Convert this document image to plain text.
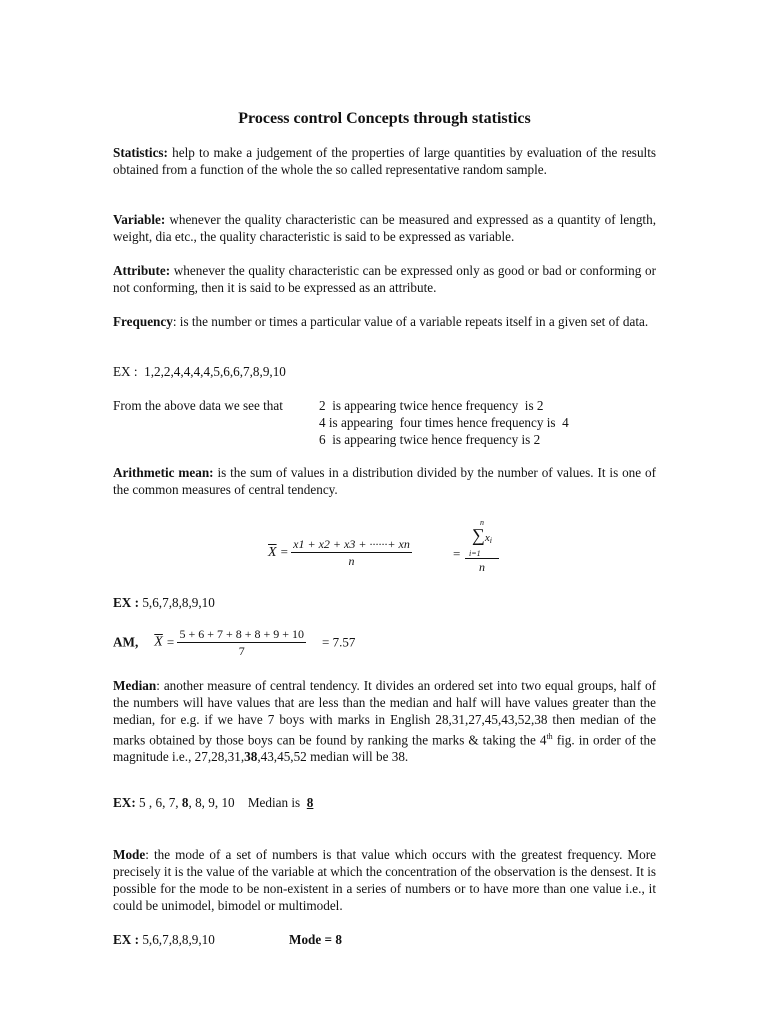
Process control Concepts through statistics
Statistics: help to make a judgement of the properties of large quantities by evaluation of the results obtained from a function of the whole the so called representative random sample.
Variable: whenever the quality characteristic can be measured and expressed as a quantity of length, weight, dia etc., the quality characteristic is said to be expressed as variable.
Attribute: whenever the quality characteristic can be expressed only as good or bad or conforming or not conforming, then it is said to be expressed as an attribute.
Frequency: is the number or times a particular value of a variable repeats itself in a given set of data.
EX :  1,2,2,4,4,4,4,5,6,6,7,8,9,10
From the above data we see that 2  is appearing twice hence frequency  is 2
4 is appearing  four times hence frequency is  4
6  is appearing twice hence frequency is 2
Arithmetic mean: is the sum of values in a distribution divided by the number of values. It is one of the common measures of central tendency.
$\overline{X} = \frac{x1 + x2 + x3 + \cdot\cdot\cdot\cdot\cdot\cdot+ xn}{n}$	=
n
$\sum x_i$
i=1
n
EX : 5,6,7,8,8,9,10
AM, $\overline{X} = \frac{5 + 6 + 7 + 8 + 8 + 9 + 10}{7} = 7.57$
Median: another measure of central tendency. It divides an ordered set into two equal groups, half of the numbers will have values that are less than the median and half will have values greater than the median, for e.g. if we have 7 boys with marks in English 28,31,27,45,43,52,38 then median of the marks obtained by those boys can be found by ranking the marks & taking the 4th fig. in order of the magnitude i.e., 27,28,31,38,43,45,52 median will be 38.
EX: 5 , 6, 7, 8, 8, 9, 10    Median is  8
Mode: the mode of a set of numbers is that value which occurs with the greatest frequency. More precisely it is the value of the variable at which the concentration of the observation is the densest. It is possible for the mode to be non-existent in a series of numbers or to have more than one value i.e., it could be unimodel, bimodel or multimodel.
EX : 5,6,7,8,8,9,10	Mode = 8
